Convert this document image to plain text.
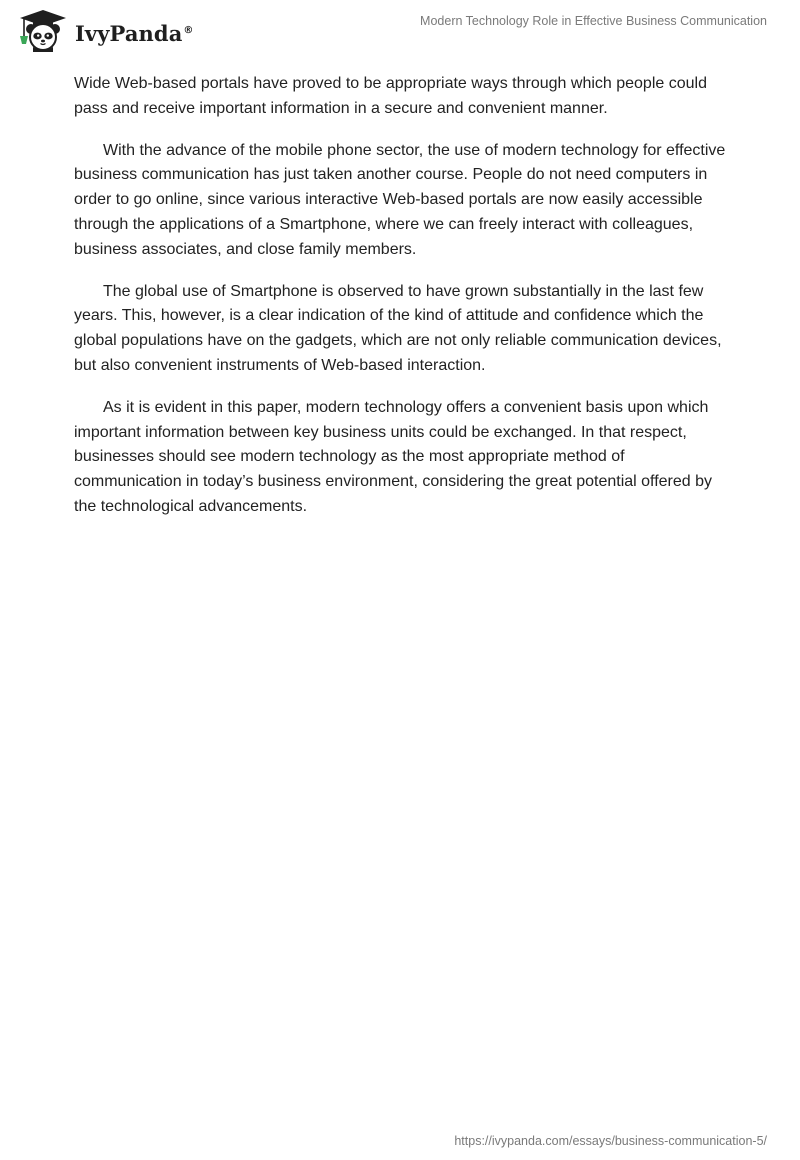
IvyPanda®
Modern Technology Role in Effective Business Communication

Wide Web-based portals have proved to be appropriate ways through which people could pass and receive important information in a secure and convenient manner.

With the advance of the mobile phone sector, the use of modern technology for effective business communication has just taken another course. People do not need computers in order to go online, since various interactive Web-based portals are now easily accessible through the applications of a Smartphone, where we can freely interact with colleagues, business associates, and close family members.

The global use of Smartphone is observed to have grown substantially in the last few years. This, however, is a clear indication of the kind of attitude and confidence which the global populations have on the gadgets, which are not only reliable communication devices, but also convenient instruments of Web-based interaction.

As it is evident in this paper, modern technology offers a convenient basis upon which important information between key business units could be exchanged. In that respect, businesses should see modern technology as the most appropriate method of communication in today’s business environment, considering the great potential offered by the technological advancements.

https://ivypanda.com/essays/business-communication-5/
